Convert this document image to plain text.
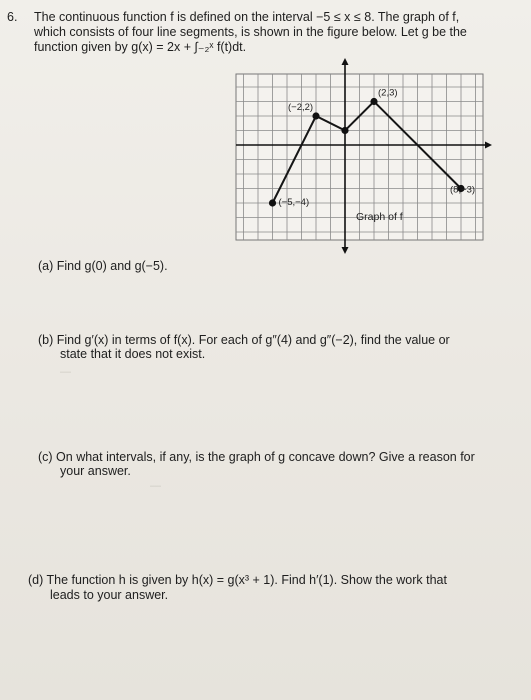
6. The continuous function f is defined on the interval −5 ≤ x ≤ 8. The graph of f,
which consists of four line segments, is shown in the figure below. Let g be the
function given by g(x) = 2x + ∫₋₂ˣ f(t)dt.
—
—
(−5,−4)
(−2,2)
(2,3)
(8,−3)
Graph of f
(a) Find g(0) and g(−5).
(b) Find g′(x) in terms of f(x). For each of g″(4) and g″(−2), find the value or
state that it does not exist.
(c) On what intervals, if any, is the graph of g concave down? Give a reason for
your answer.
(d) The function h is given by h(x) = g(x³ + 1). Find h′(1). Show the work that
leads to your answer.
